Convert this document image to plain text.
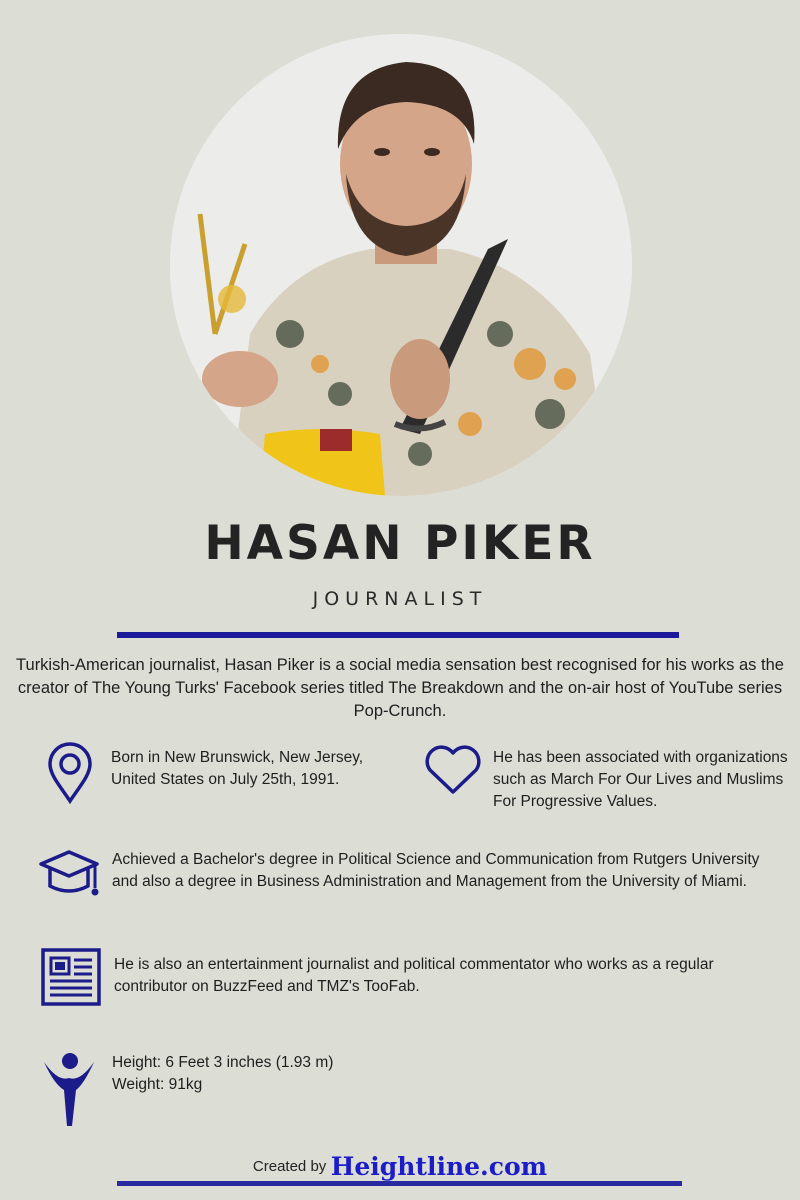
HASAN PIKER
JOURNALIST

Turkish-American journalist, Hasan Piker is a social media sensation best recognised for his works as the creator of The Young Turks' Facebook series titled The Breakdown and the on-air host of YouTube series Pop-Crunch.

Born in New Brunswick, New Jersey, United States on July 25th, 1991.

He has been associated with organizations such as March For Our Lives and Muslims For Progressive Values.

Achieved a Bachelor's degree in Political Science and Communication from Rutgers University and also a degree in Business Administration and Management from the University of Miami.

He is also an entertainment journalist and political commentator who works as a regular contributor on BuzzFeed and TMZ's TooFab.

Height: 6 Feet 3 inches (1.93 m)

Weight: 91kg

Created by Heightline.com
